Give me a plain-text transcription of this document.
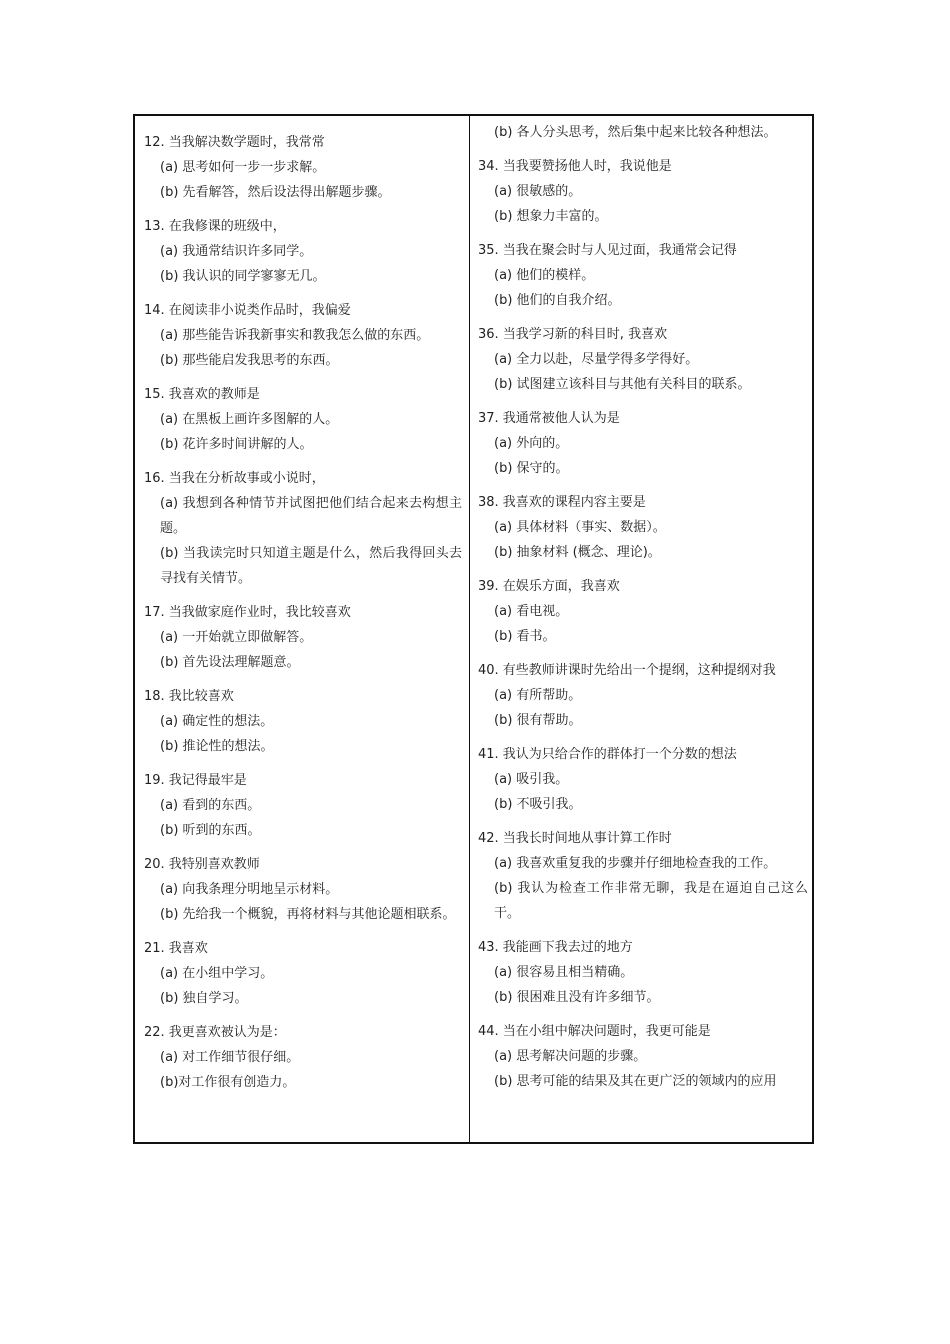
12. 当我解决数学题时，我常常
(a) 思考如何一步一步求解。
(b) 先看解答，然后设法得出解题步骤。
13. 在我修课的班级中，
(a) 我通常结识许多同学。
(b) 我认识的同学寥寥无几。
14. 在阅读非小说类作品时，我偏爱
(a) 那些能告诉我新事实和教我怎么做的东西。
(b) 那些能启发我思考的东西。
15. 我喜欢的教师是
(a) 在黑板上画许多图解的人。
(b) 花许多时间讲解的人。
16. 当我在分析故事或小说时，
(a) 我想到各种情节并试图把他们结合起来去构想主题。
(b) 当我读完时只知道主题是什么，然后我得回头去寻找有关情节。
17. 当我做家庭作业时，我比较喜欢
(a) 一开始就立即做解答。
(b) 首先设法理解题意。
18. 我比较喜欢
(a) 确定性的想法。
(b) 推论性的想法。
19. 我记得最牢是
(a) 看到的东西。
(b) 听到的东西。
20. 我特别喜欢教师
(a) 向我条理分明地呈示材料。
(b) 先给我一个概貌，再将材料与其他论题相联系。
21. 我喜欢
(a) 在小组中学习。
(b) 独自学习。
22. 我更喜欢被认为是：
(a) 对工作细节很仔细。
(b)对工作很有创造力。
(b) 各人分头思考，然后集中起来比较各种想法。
34. 当我要赞扬他人时，我说他是
(a) 很敏感的。
(b) 想象力丰富的。
35. 当我在聚会时与人见过面，我通常会记得
(a) 他们的模样。
(b) 他们的自我介绍。
36. 当我学习新的科目时, 我喜欢
(a) 全力以赴，尽量学得多学得好。
(b) 试图建立该科目与其他有关科目的联系。
37. 我通常被他人认为是
(a) 外向的。
(b) 保守的。
38. 我喜欢的课程内容主要是
(a) 具体材料（事实、数据）。
(b) 抽象材料 (概念、理论)。
39. 在娱乐方面，我喜欢
(a) 看电视。
(b) 看书。
40. 有些教师讲课时先给出一个提纲，这种提纲对我
(a) 有所帮助。
(b) 很有帮助。
41. 我认为只给合作的群体打一个分数的想法
(a) 吸引我。
(b) 不吸引我。
42. 当我长时间地从事计算工作时
(a) 我喜欢重复我的步骤并仔细地检查我的工作。
(b) 我认为检查工作非常无聊，我是在逼迫自己这么干。
43. 我能画下我去过的地方
(a) 很容易且相当精确。
(b) 很困难且没有许多细节。
44. 当在小组中解决问题时，我更可能是
(a) 思考解决问题的步骤。
(b) 思考可能的结果及其在更广泛的领域内的应用
